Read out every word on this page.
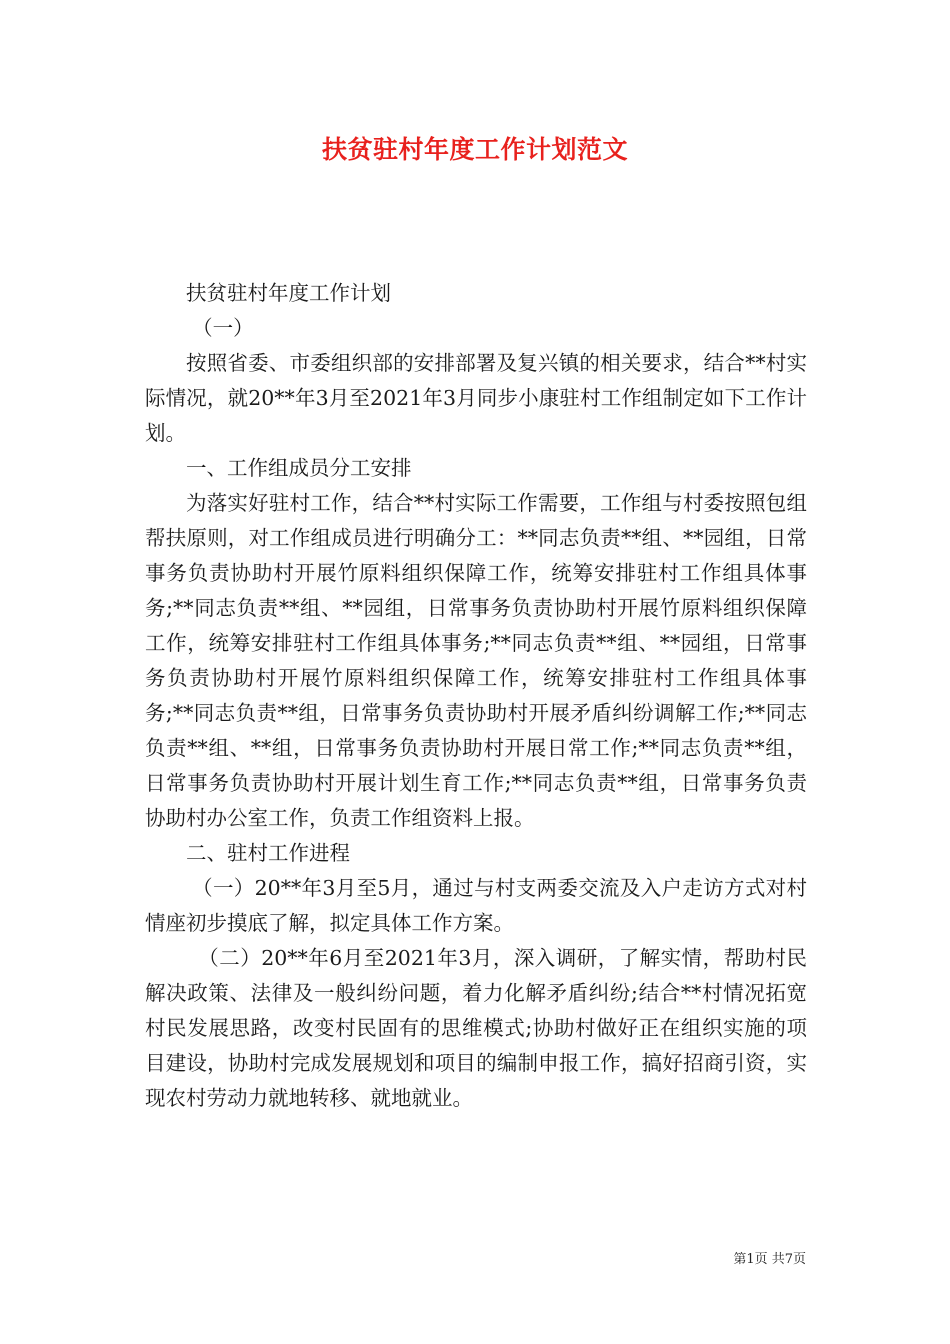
扶贫驻村年度工作计划范文

扶贫驻村年度工作计划

（一）

按照省委、市委组织部的安排部署及复兴镇的相关要求，结合**村实际情况，就20**年3月至2021年3月同步小康驻村工作组制定如下工作计划。

一、工作组成员分工安排

为落实好驻村工作，结合**村实际工作需要，工作组与村委按照包组帮扶原则，对工作组成员进行明确分工：**同志负责**组、**园组，日常事务负责协助村开展竹原料组织保障工作，统筹安排驻村工作组具体事务;**同志负责**组、**园组，日常事务负责协助村开展竹原料组织保障工作，统筹安排驻村工作组具体事务;**同志负责**组、**园组，日常事务负责协助村开展竹原料组织保障工作，统筹安排驻村工作组具体事务;**同志负责**组，日常事务负责协助村开展矛盾纠纷调解工作;**同志负责**组、**组，日常事务负责协助村开展日常工作;**同志负责**组，日常事务负责协助村开展计划生育工作;**同志负责**组，日常事务负责协助村办公室工作，负责工作组资料上报。

二、驻村工作进程

（一）20**年3月至5月，通过与村支两委交流及入户走访方式对村情座初步摸底了解，拟定具体工作方案。

（二）20**年6月至2021年3月，深入调研，了解实情，帮助村民解决政策、法律及一般纠纷问题，着力化解矛盾纠纷;结合**村情况拓宽村民发展思路，改变村民固有的思维模式;协助村做好正在组织实施的项目建设，协助村完成发展规划和项目的编制申报工作，搞好招商引资，实现农村劳动力就地转移、就地就业。

第1页 共7页
